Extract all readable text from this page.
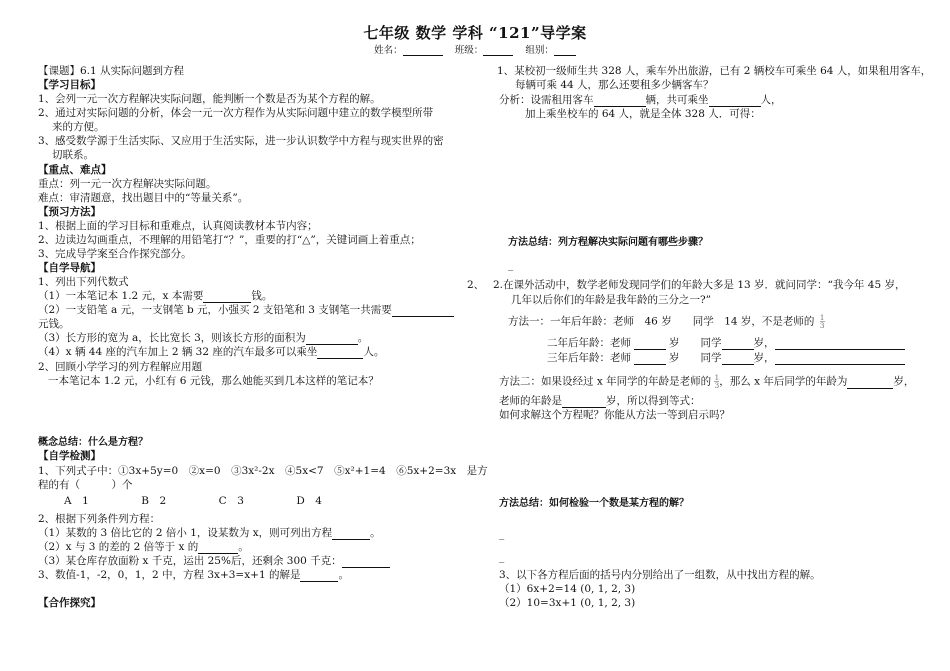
七年级 数学 学科 “121”导学案
姓名：	班级：	组别：
【课题】6.1 从实际问题到方程
【学习目标】
1、会列一元一次方程解决实际问题，能判断一个数是否为某个方程的解。
2、通过对实际问题的分析，体会一元一次方程作为从实际问题中建立的数学模型所带
来的方便。
3、感受数学源于生活实际、又应用于生活实际，进一步认识数学中方程与现实世界的密
切联系。
【重点、难点】
重点：列一元一次方程解决实际问题。
难点：审清题意，找出题目中的“等量关系”。
【预习方法】
1、根据上面的学习目标和重难点，认真阅读教材本节内容；
2、边读边勾画重点，不理解的用铅笔打“？”，重要的打“△”，关键词画上着重点；
3、完成导学案至合作探究部分。
【自学导航】
1、列出下列代数式
（1）一本笔记本 1.2 元，x 本需要	钱。
（2）一支铅笔 a 元，一支钢笔 b 元，小强买 2 支铅笔和 3 支钢笔一共需要
元钱。
（3）长方形的宽为 a，长比宽长 3，则该长方形的面积为	。
（4）x 辆 44 座的汽车加上 2 辆 32 座的汽车最多可以乘坐	人。
2、回顾小学学习的列方程解应用题
一本笔记本 1.2 元，小红有 6 元钱，那么她能买到几本这样的笔记本？
概念总结：什么是方程？
【自学检测】
1、下列式子中：①3x+5y=0　②x=0　③3x²-2x　④5x<7　⑤x²+1=4　⑥5x+2=3x　是方
程的有（　　　）个
A　1　　　　　B　2　　　　　C　3　　　　　D　4
2、根据下列条件列方程：
（1）某数的 3 倍比它的 2 倍小 1，设某数为 x，则可列出方程	。
（2）x 与 3 的差的 2 倍等于 x 的	。
（3）某仓库存放面粉 x 千克，运出 25%后，还剩余 300 千克：
3、数值-1，-2，0，1，2 中，方程 3x+3=x+1 的解是	。
【合作探究】
1、某校初一级师生共 328 人，乘车外出旅游，已有 2 辆校车可乘坐 64 人，如果租用客车，
每辆可乘 44 人，那么还要租多少辆客车？
分析：设需租用客车	辆，共可乘坐	人，
加上乘坐校车的 64 人，就是全体 328 人．可得：
方法总结：列方程解决实际问题有哪些步骤？
_
2、 2.在课外活动中，数学老师发现同学们的年龄大多是 13 岁．就问同学：“我今年 45 岁，
几年以后你们的年龄是我年龄的三分之一?”
方法一：一年后年龄：老师　46 岁　　同学　14 岁，不是老师的 $\frac{1}{3}$
二年后年龄：老师	岁　　同学	岁，
三年后年龄：老师	岁　　同学	岁，
方法二：如果设经过 x 年同学的年龄是老师的 $\frac{1}{3}$ ，那么 x 年后同学的年龄为	岁，
老师的年龄是	岁，所以得到等式：
如何求解这个方程呢？你能从方法一等到启示吗？
方法总结：如何检验一个数是某方程的解？
_
_
3、以下各方程后面的括号内分别给出了一组数，从中找出方程的解。
（1）6x+2=14 (0, 1, 2, 3)
（2）10=3x+1 (0, 1, 2, 3)
